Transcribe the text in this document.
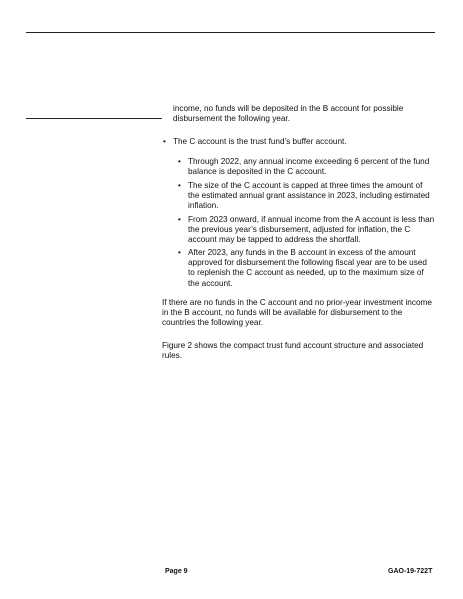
income, no funds will be deposited in the B account for possible disbursement the following year.
• The C account is the trust fund’s buffer account.
• Through 2022, any annual income exceeding 6 percent of the fund balance is deposited in the C account.
• The size of the C account is capped at three times the amount of the estimated annual grant assistance in 2023, including estimated inflation.
• From 2023 onward, if annual income from the A account is less than the previous year’s disbursement, adjusted for inflation, the C account may be tapped to address the shortfall.
• After 2023, any funds in the B account in excess of the amount approved for disbursement the following fiscal year are to be used to replenish the C account as needed, up to the maximum size of the account.

If there are no funds in the C account and no prior-year investment income in the B account, no funds will be available for disbursement to the countries the following year.

Figure 2 shows the compact trust fund account structure and associated rules.

Page 9	GAO-19-722T
